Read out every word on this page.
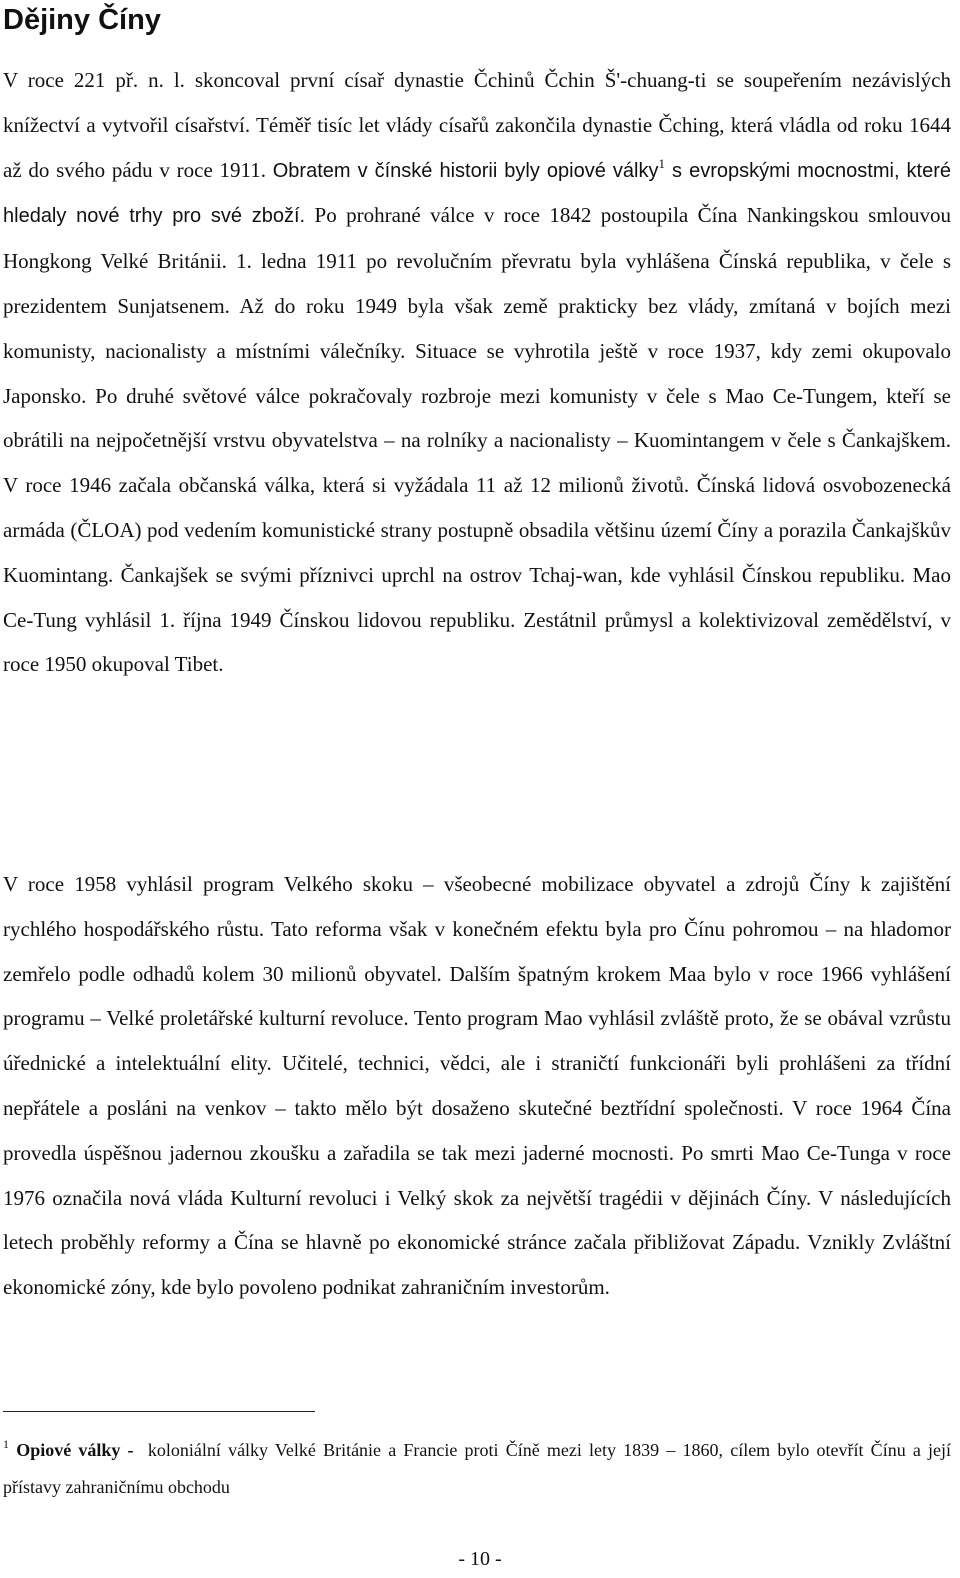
Dějiny Číny

V roce 221 př. n. l. skoncoval první císař dynastie Čchinů Čchin Š'-chuang-ti se soupeřením nezávislých knížectví a vytvořil císařství. Téměř tisíc let vlády císařů zakončila dynastie Čching, která vládla od roku 1644 až do svého pádu v roce 1911. Obratem v čínské historii byly opiové války$^1$ s evropskými mocnostmi, které hledaly nové trhy pro své zboží. Po prohrané válce v roce 1842 postoupila Čína Nankingskou smlouvou Hongkong Velké Británii. 1. ledna 1911 po revolučním převratu byla vyhlášena Čínská republika, v čele s prezidentem Sunjatsenem. Až do roku 1949 byla však země prakticky bez vlády, zmítaná v bojích mezi komunisty, nacionalisty a místními válečníky. Situace se vyhrotila ještě v roce 1937, kdy zemi okupovalo Japonsko. Po druhé světové válce pokračovaly rozbroje mezi komunisty v čele s Mao Ce-Tungem, kteří se obrátili na nejpočetnější vrstvu obyvatelstva – na rolníky a nacionalisty – Kuomintangem v čele s Čankajškem. V roce 1946 začala občanská válka, která si vyžádala 11 až 12 milionů životů. Čínská lidová osvobozenecká armáda (ČLOA) pod vedením komunistické strany postupně obsadila většinu území Číny a porazila Čankajškův Kuomintang. Čankajšek se svými příznivci uprchl na ostrov Tchaj-wan, kde vyhlásil Čínskou republiku. Mao Ce-Tung vyhlásil 1. října 1949 Čínskou lidovou republiku. Zestátnil průmysl a kolektivizoval zemědělství, v roce 1950 okupoval Tibet.

V roce 1958 vyhlásil program Velkého skoku – všeobecné mobilizace obyvatel a zdrojů Číny k zajištění rychlého hospodářského růstu. Tato reforma však v konečném efektu byla pro Čínu pohromou – na hladomor zemřelo podle odhadů kolem 30 milionů obyvatel. Dalším špatným krokem Maa bylo v roce 1966 vyhlášení programu – Velké proletářské kulturní revoluce. Tento program Mao vyhlásil zvláště proto, že se obával vzrůstu úřednické a intelektuální elity. Učitelé, technici, vědci, ale i straničtí funkcionáři byli prohlášeni za třídní nepřátele a posláni na venkov – takto mělo být dosaženo skutečné beztřídní společnosti. V roce 1964 Čína provedla úspěšnou jadernou zkoušku a zařadila se tak mezi jaderné mocnosti. Po smrti Mao Ce-Tunga v roce 1976 označila nová vláda Kulturní revoluci i Velký skok za největší tragédii v dějinách Číny. V následujících letech proběhly reformy a Čína se hlavně po ekonomické stránce začala přibližovat Západu. Vznikly Zvláštní ekonomické zóny, kde bylo povoleno podnikat zahraničním investorům.

$^1$ Opiové války - koloniální války Velké Británie a Francie proti Číně mezi lety 1839 – 1860, cílem bylo otevřít Čínu a její přístavy zahraničnímu obchodu

- 10 -
